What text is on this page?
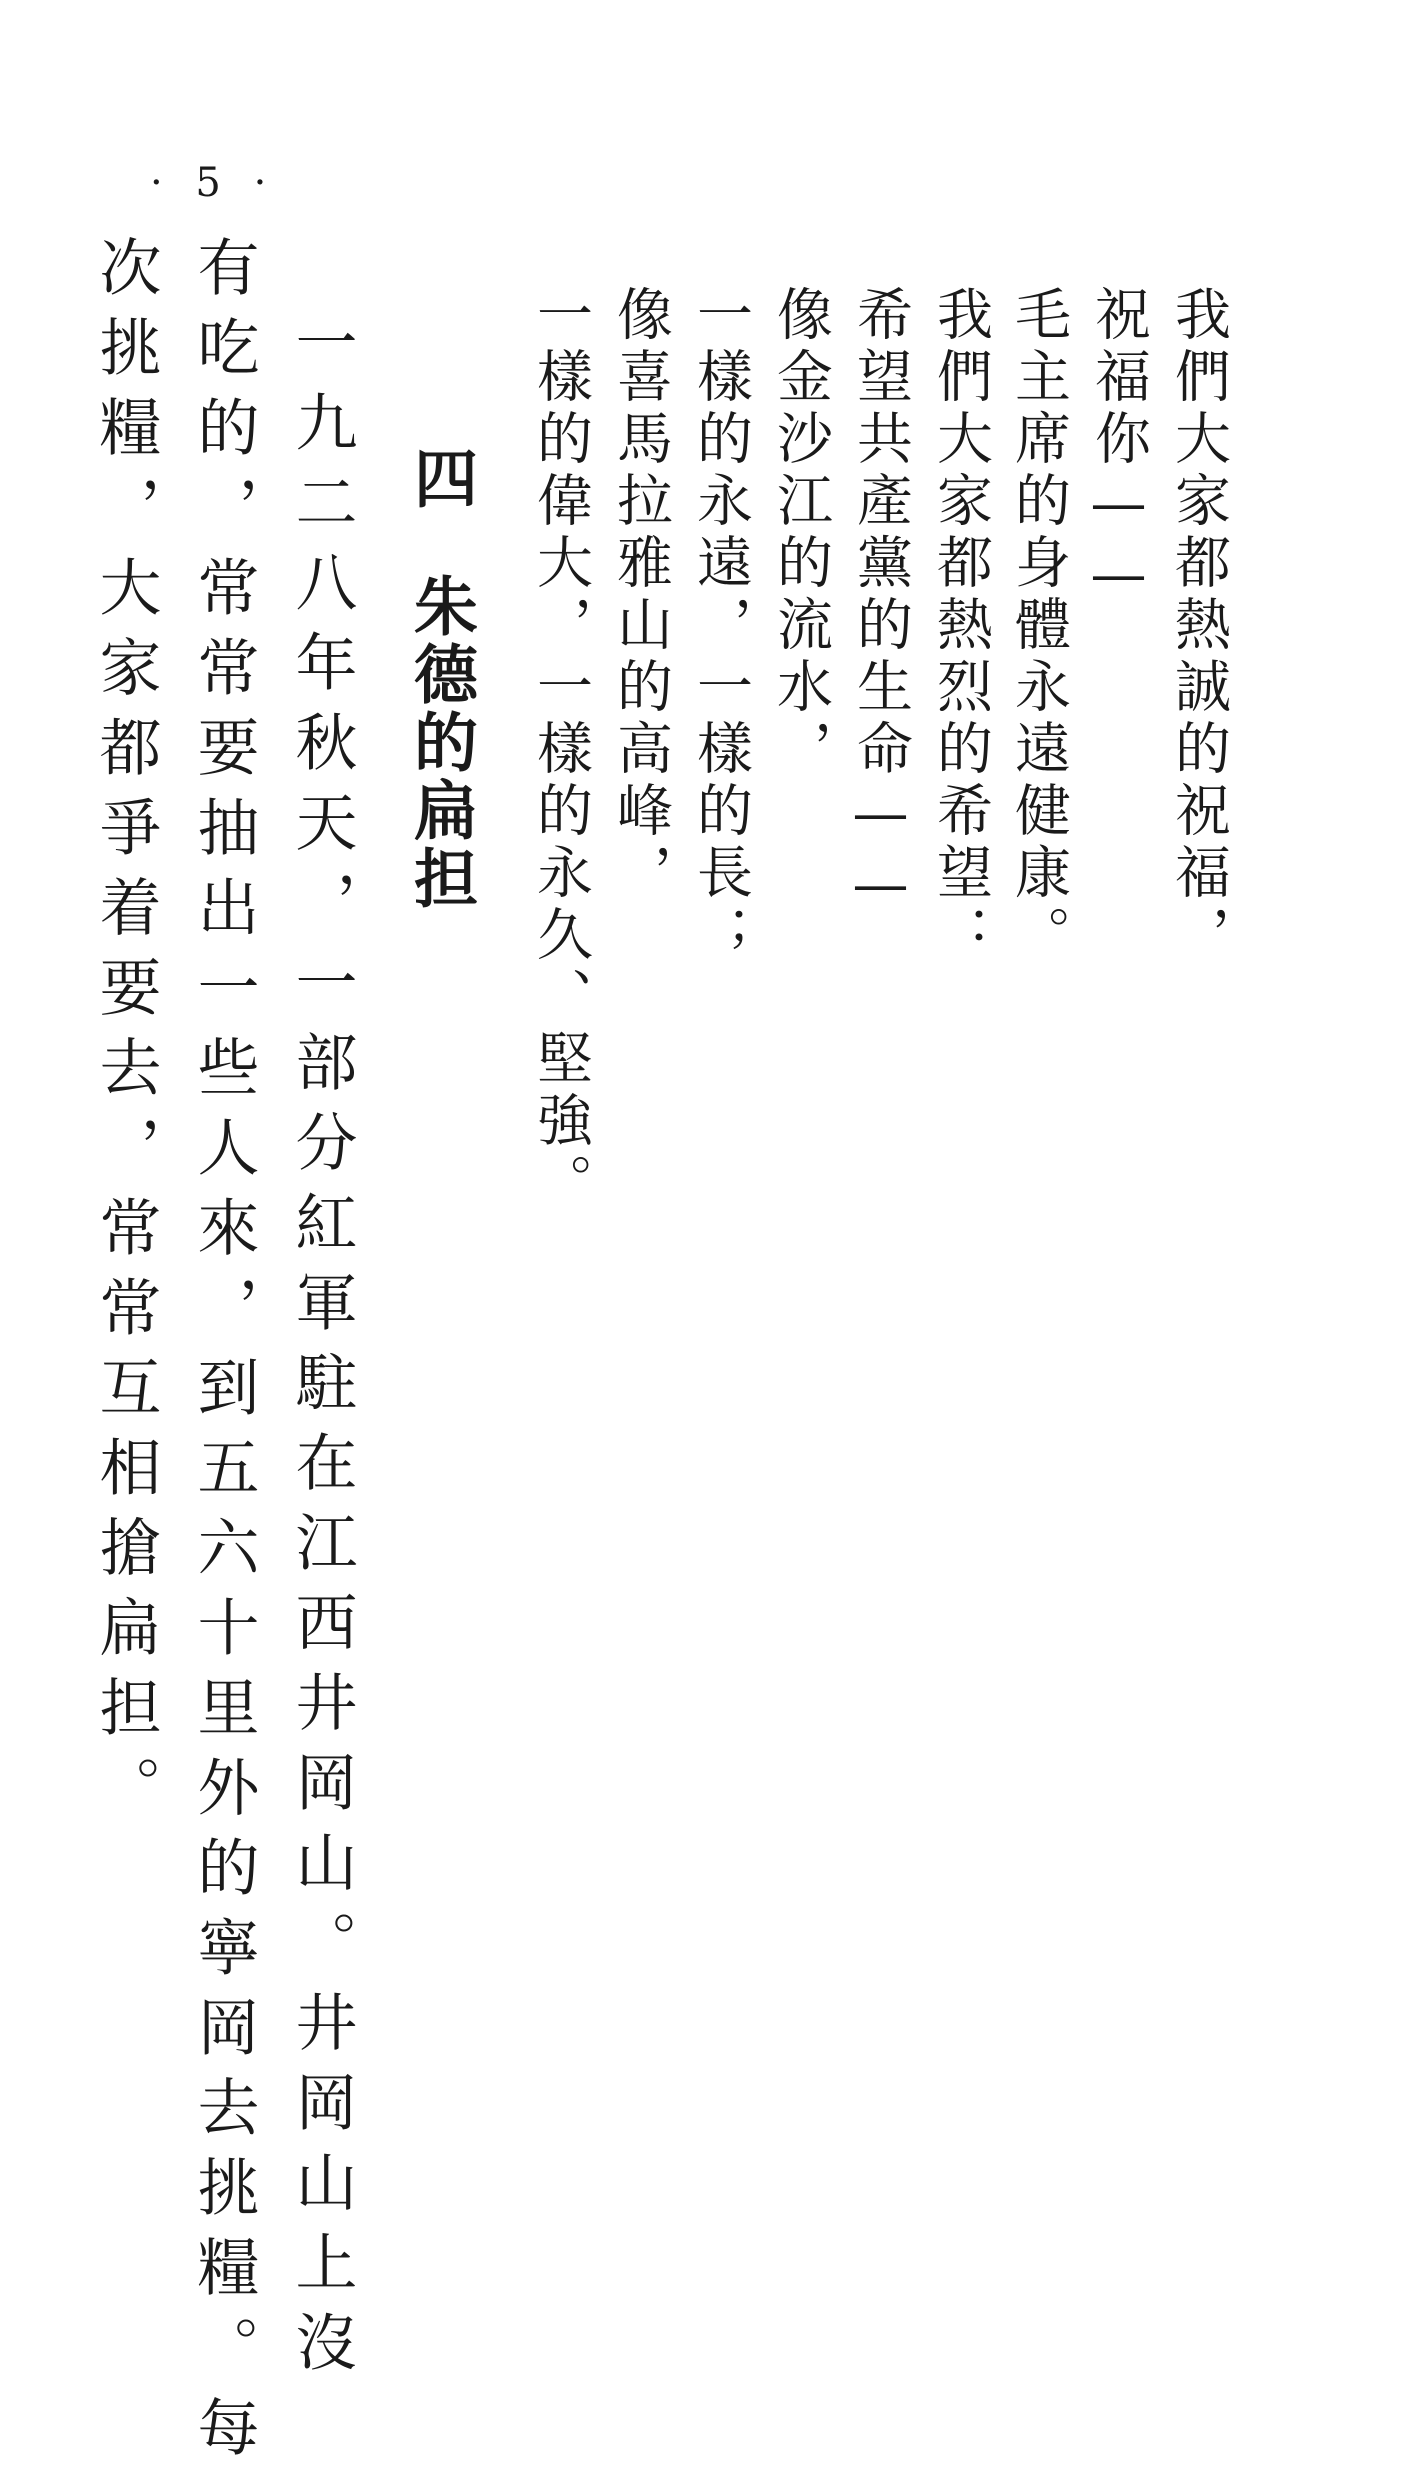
· 5 ·

我們大家都熱誠的祝福，

祝福你——

毛主席的身體永遠健康。

我們大家都熱烈的希望：

希望共產黨的生命——

像金沙江的流水，

一樣的永遠，一樣的長；

像喜馬拉雅山的高峰，

一樣的偉大，一樣的永久、堅強。

四朱德的扁担

一九二八年秋天，一部分紅軍駐在江西井岡山。井岡山上沒

有吃的，常常要抽出一些人來，到五六十里外的寧岡去挑糧。每

次挑糧，大家都爭着要去，常常互相搶扁担。
